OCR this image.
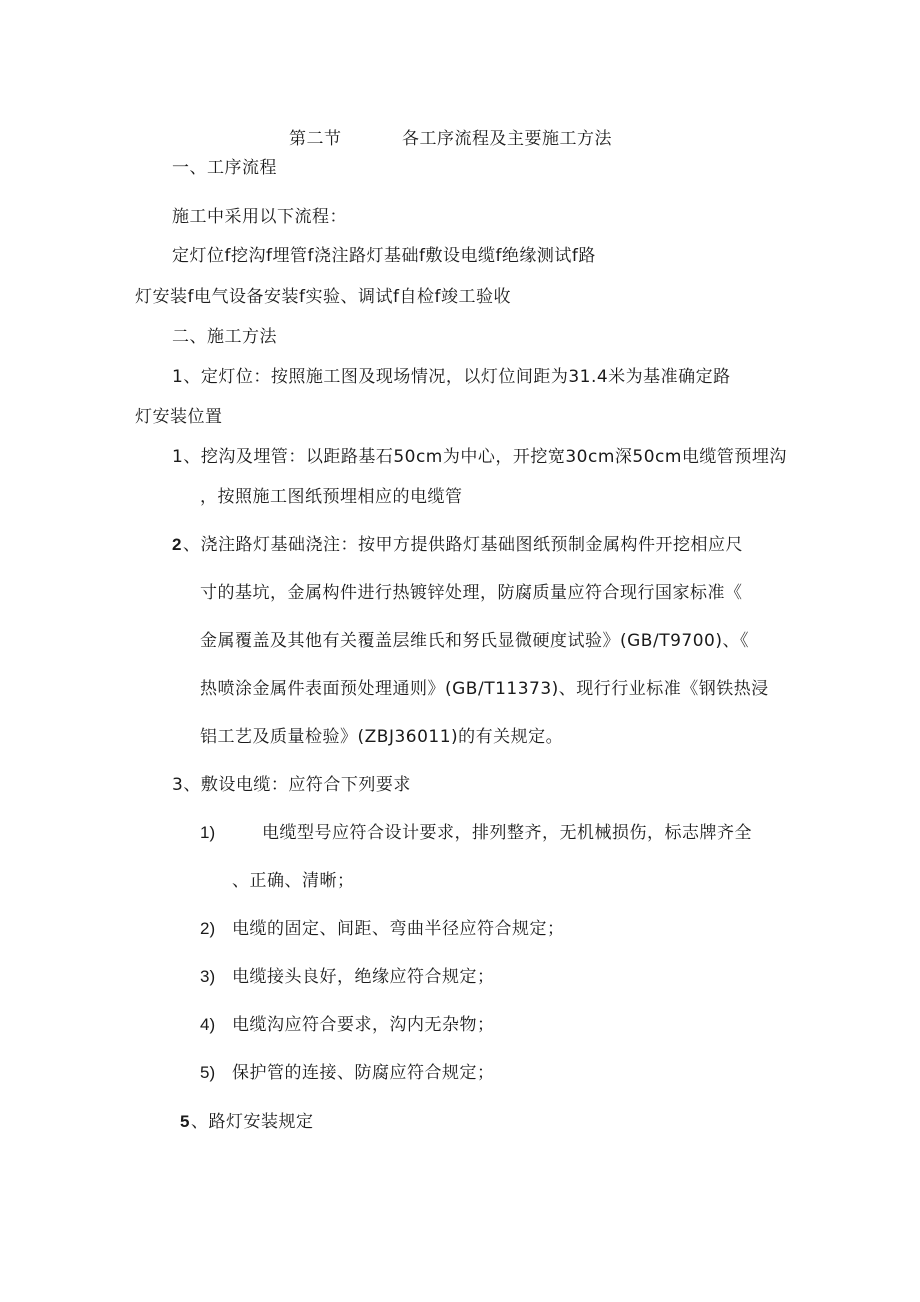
第二节	各工序流程及主要施工方法
一、工序流程
施工中采用以下流程：
定灯位f挖沟f埋管f浇注路灯基础f敷设电缆f绝缘测试f路
灯安装f电气设备安装f实验、调试f自检f竣工验收
二、施工方法
1、定灯位：按照施工图及现场情况，以灯位间距为31.4米为基准确定路
灯安装位置
1、挖沟及埋管：以距路基石50cm为中心，开挖宽30cm深50cm电缆管预埋沟
，按照施工图纸预埋相应的电缆管
2 、浇注路灯基础浇注：按甲方提供路灯基础图纸预制金属构件开挖相应尺
寸的基坑，金属构件进行热镀锌处理，防腐质量应符合现行国家标准《
金属覆盖及其他有关覆盖层维氏和努氏显微硬度试验》(GB/T9700)、《
热喷涂金属件表面预处理通则》(GB/T11373)、现行行业标准《钢铁热浸
铝工艺及质量检验》(ZBJ36011)的有关规定。
3、敷设电缆：应符合下列要求
1)	电缆型号应符合设计要求，排列整齐，无机械损伤，标志牌齐全
、正确、清晰；
2) 电缆的固定、间距、弯曲半径应符合规定；
3) 电缆接头良好，绝缘应符合规定；
4) 电缆沟应符合要求，沟内无杂物；
5) 保护管的连接、防腐应符合规定；
5 、路灯安装规定
